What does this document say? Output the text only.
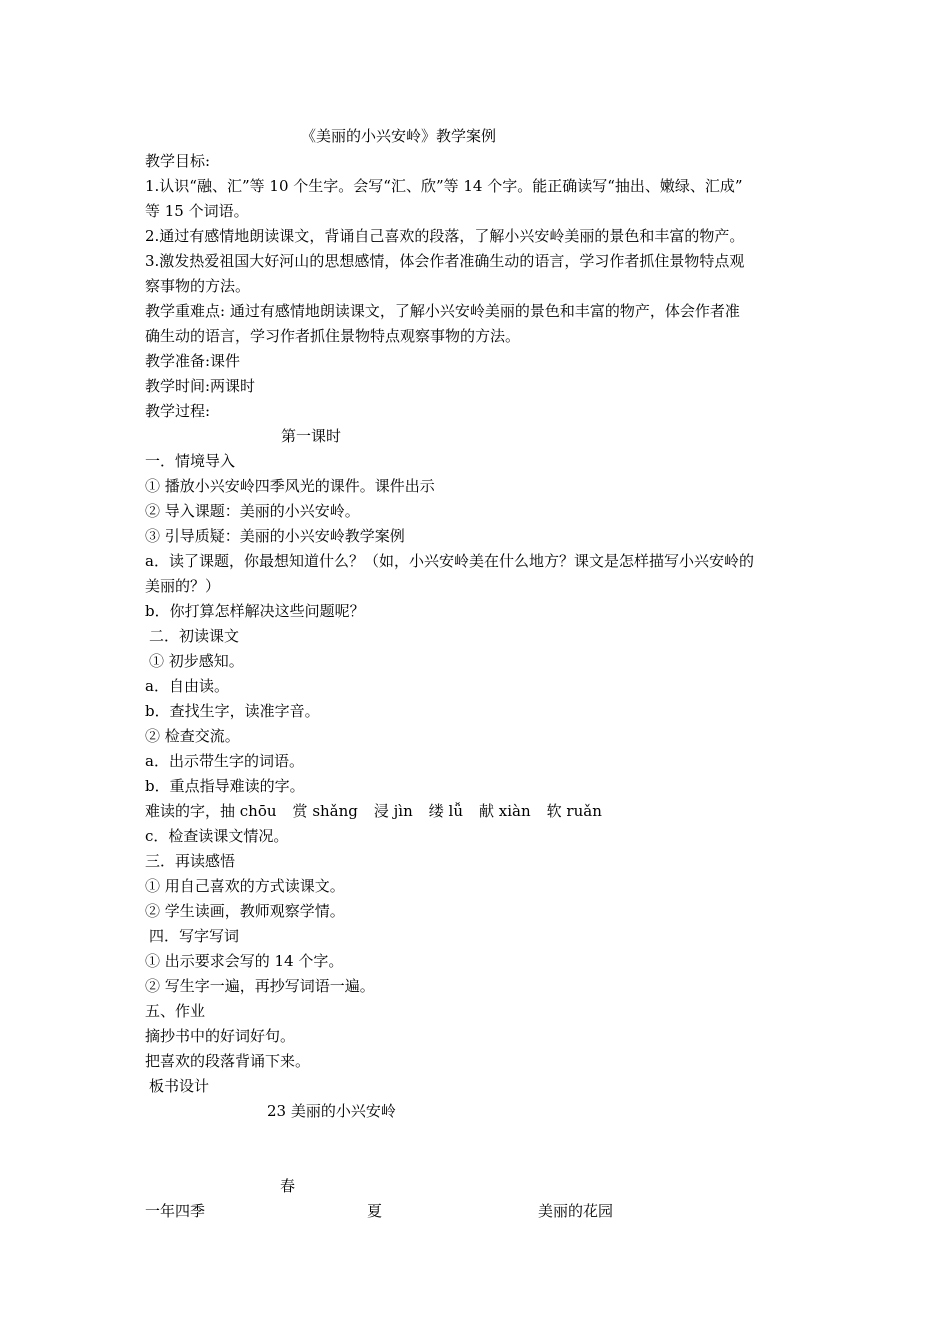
《美丽的小兴安岭》教学案例
教学目标:
1.认识“融、汇”等 10 个生字。会写“汇、欣”等 14 个字。能正确读写“抽出、嫩绿、汇成”
等 15 个词语。
2.通过有感情地朗读课文，背诵自己喜欢的段落，了解小兴安岭美丽的景色和丰富的物产。
3.激发热爱祖国大好河山的思想感情，体会作者准确生动的语言，学习作者抓住景物特点观
察事物的方法。
教学重难点: 通过有感情地朗读课文，了解小兴安岭美丽的景色和丰富的物产，体会作者准
确生动的语言，学习作者抓住景物特点观察事物的方法。
教学准备:课件
教学时间:两课时
教学过程:
第一课时
一．情境导入
① 播放小兴安岭四季风光的课件。课件出示
② 导入课题：美丽的小兴安岭。
③ 引导质疑：美丽的小兴安岭教学案例
a．读了课题，你最想知道什么？（如，小兴安岭美在什么地方？课文是怎样描写小兴安岭的
美丽的？）
b．你打算怎样解决这些问题呢？
二．初读课文
① 初步感知。
a．自由读。
b．查找生字，读准字音。
② 检查交流。
a．出示带生字的词语。
b．重点指导难读的字。
难读的字，抽 chōu 赏 shǎng 浸 jìn 缕 lǚ 献 xiàn 软 ruǎn
c．检查读课文情况。
三．再读感悟
① 用自己喜欢的方式读课文。
② 学生读画，教师观察学情。
四．写字写词
① 出示要求会写的 14 个字。
② 写生字一遍，再抄写词语一遍。
五、作业
摘抄书中的好词好句。
把喜欢的段落背诵下来。
板书设计
23 美丽的小兴安岭
春
一年四季	夏	美丽的花园
